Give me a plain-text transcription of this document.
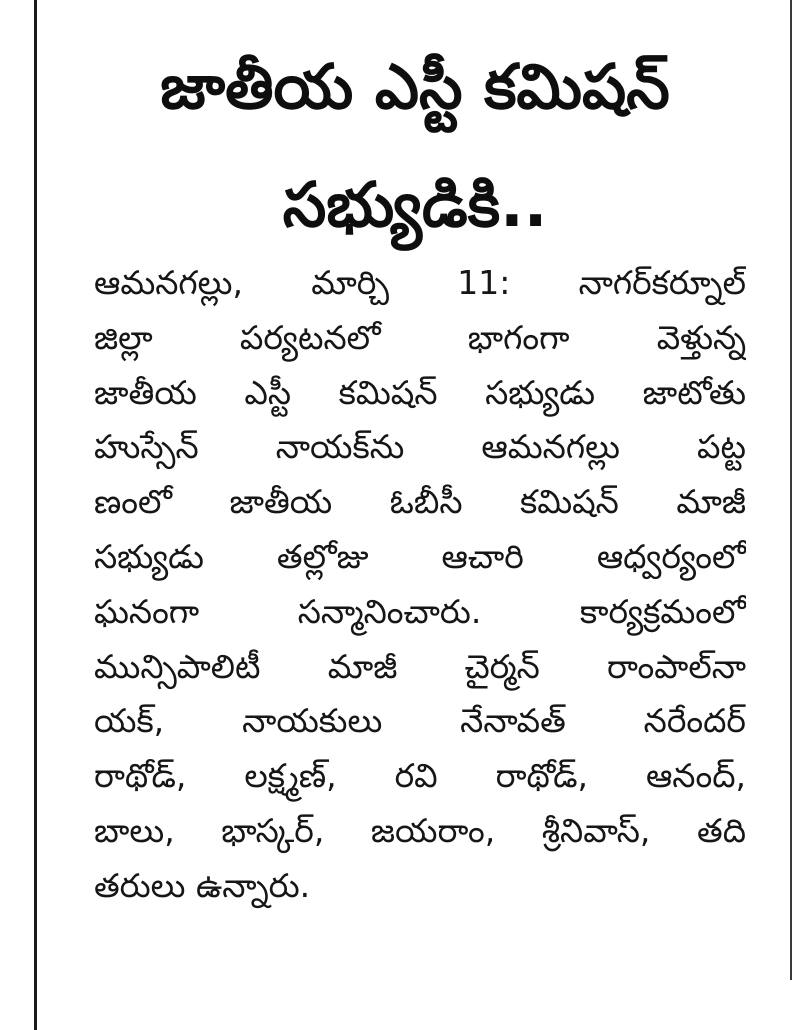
జాతీయ ఎస్టీ కమిషన్
సభ్యుడికి..
ఆమనగల్లు, మార్చి 11: నాగర్‌కర్నూల్
జిల్లా పర్యటనలో భాగంగా వెళ్తున్న
జాతీయ ఎస్టీ కమిషన్ సభ్యుడు జాటోతు
హుస్సేన్ నాయక్‌ను ఆమనగల్లు పట్ట
ణంలో జాతీయ ఓబీసీ కమిషన్ మాజీ
సభ్యుడు తల్లోజు ఆచారి ఆధ్వర్యంలో
ఘనంగా సన్మానించారు. కార్యక్రమంలో
మున్సిపాలిటీ మాజీ చైర్మన్ రాంపాల్‌నా
యక్, నాయకులు నేనావత్ నరేందర్
రాథోడ్, లక్ష్మణ్, రవి రాథోడ్, ఆనంద్,
బాలు, భాస్కర్, జయరాం, శ్రీనివాస్, తది
తరులు ఉన్నారు.
